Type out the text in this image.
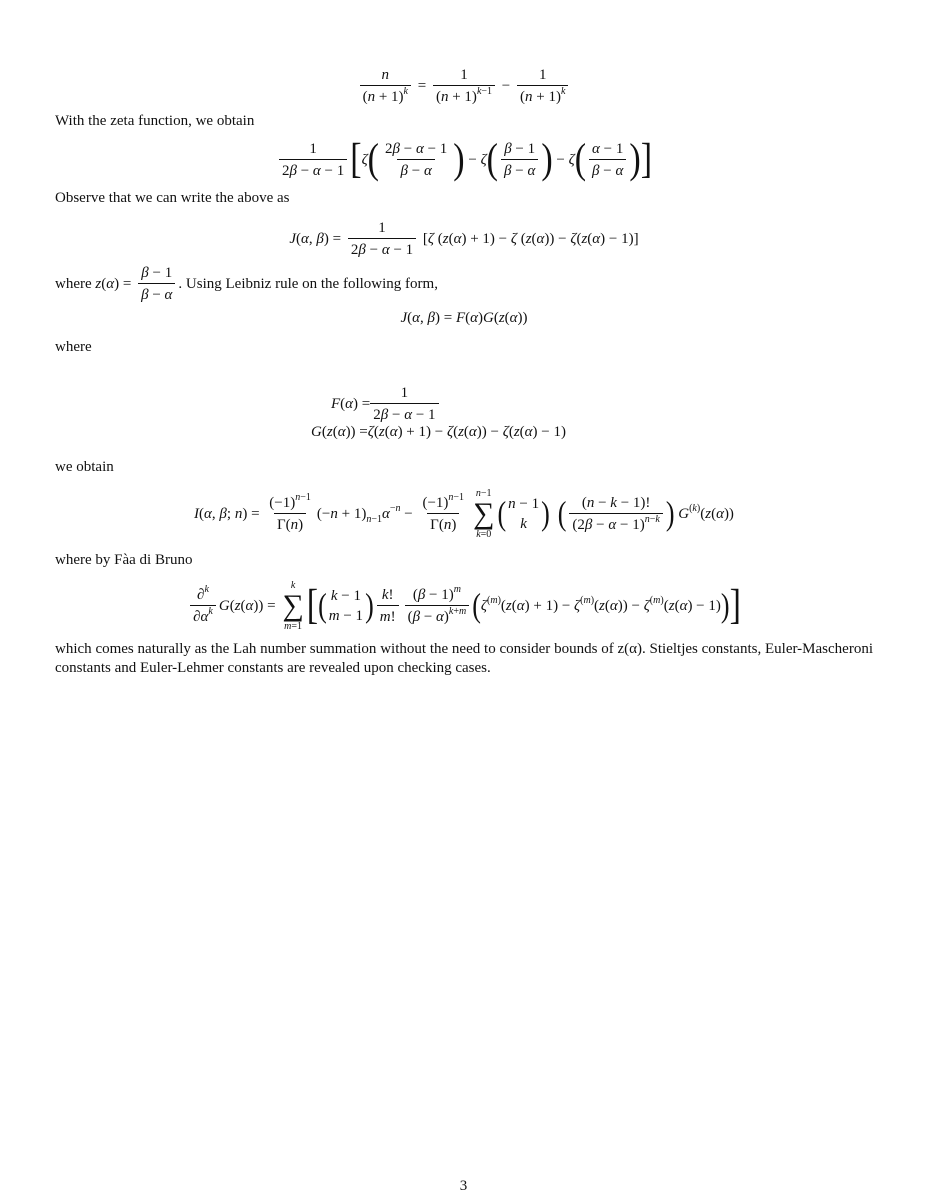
$\frac{n}{(n + 1)^k} = \frac{1}{(n + 1)^{k-1}} - \frac{1}{(n + 1)^k}$
With the zeta function, we obtain
$\frac{1}{2\beta - \alpha - 1}$ [ ζ ( $\frac{2\beta - \alpha - 1}{\beta - \alpha}$ ) − ζ ( $\frac{\beta - 1}{\beta - \alpha}$ ) − ζ ( $\frac{\alpha - 1}{\beta - \alpha}$ ) ]
Observe that we can write the above as
J(α, $\beta) = \frac{1}{2\beta - \alpha - 1} [\zeta$ (z(α) + 1) − ζ (z(α)) − ζ(z(α) − 1)]
where $z(\alpha) = \frac{\beta - 1}{\beta - \alpha}$ . Using Leibniz rule on the following form,
J(α, β) = F(α)G(z(α))
where
$F(\alpha) = \frac{1}{2\beta - \alpha - 1}$
G(z(α)) =ζ(z(α) + 1) − ζ(z(α)) − ζ(z(α) − 1)
we obtain
I(α, β; $n) = \frac{(-1)^{n-1}}{\Gamma(n)} (-n + 1)_{n-1}\alpha^{-n} - \frac{(-1)^{n-1}}{\Gamma(n)}$
n−1
∑
k=0
( n − 1
k ) ( $\frac{(n - k - 1)!}{(2\beta - \alpha - 1)^{n-k}}$ ) $G^{(k)}(z(\alpha))$
where by Fàa di Bruno
$\frac{\partial^k}{\partial\alpha^k} G(z(\alpha))$ =
k
∑
m=1 [ ( k − 1
m − 1 ) $\frac{k!}{m!} \frac{(\beta - 1)^m}{(\beta - \alpha)^{k+m}}$ ( $\zeta^{(m)}(z(\alpha) + 1) - \zeta^{(m)}(z(\alpha)) - \zeta^{(m)}(z(\alpha) - 1)$ ) ]
which comes naturally as the Lah number summation without the need to consider bounds of z(α). Stieltjes constants, Euler-Mascheroni constants and Euler-Lehmer constants are revealed upon checking cases.
3
